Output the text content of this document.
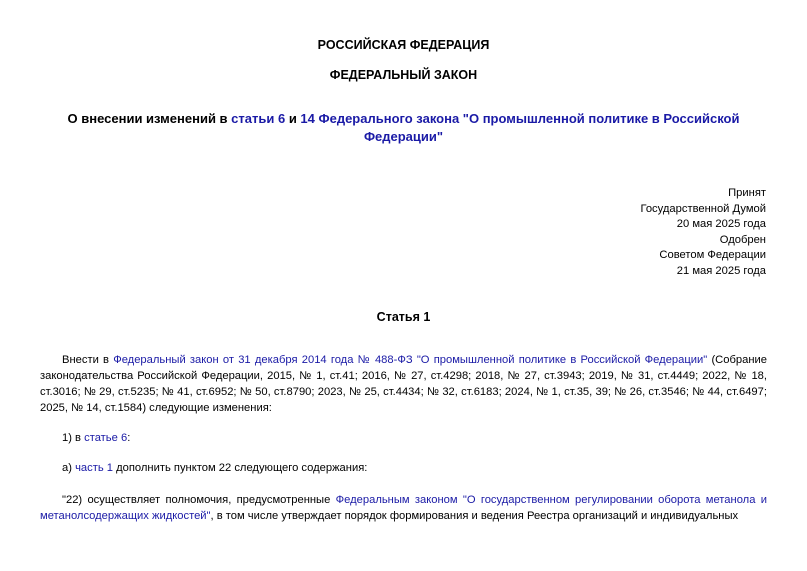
РОССИЙСКАЯ ФЕДЕРАЦИЯ
ФЕДЕРАЛЬНЫЙ ЗАКОН
О внесении изменений в статьи 6 и 14 Федерального закона "О промышленной политике в Российской Федерации"
Принят
Государственной Думой
20 мая 2025 года
Одобрен
Советом Федерации
21 мая 2025 года
Статья 1
Внести в Федеральный закон от 31 декабря 2014 года № 488-ФЗ "О промышленной политике в Российской Федерации" (Собрание законодательства Российской Федерации, 2015, № 1, ст.41; 2016, № 27, ст.4298; 2018, № 27, ст.3943; 2019, № 31, ст.4449; 2022, № 18, ст.3016; № 29, ст.5235; № 41, ст.6952; № 50, ст.8790; 2023, № 25, ст.4434; № 32, ст.6183; 2024, № 1, ст.35, 39; № 26, ст.3546; № 44, ст.6497; 2025, № 14, ст.1584) следующие изменения:
1) в статье 6:
а) часть 1 дополнить пунктом 22 следующего содержания:
"22) осуществляет полномочия, предусмотренные Федеральным законом "О государственном регулировании оборота метанола и метанолсодержащих жидкостей", в том числе утверждает порядок формирования и ведения Реестра организаций и индивидуальных
